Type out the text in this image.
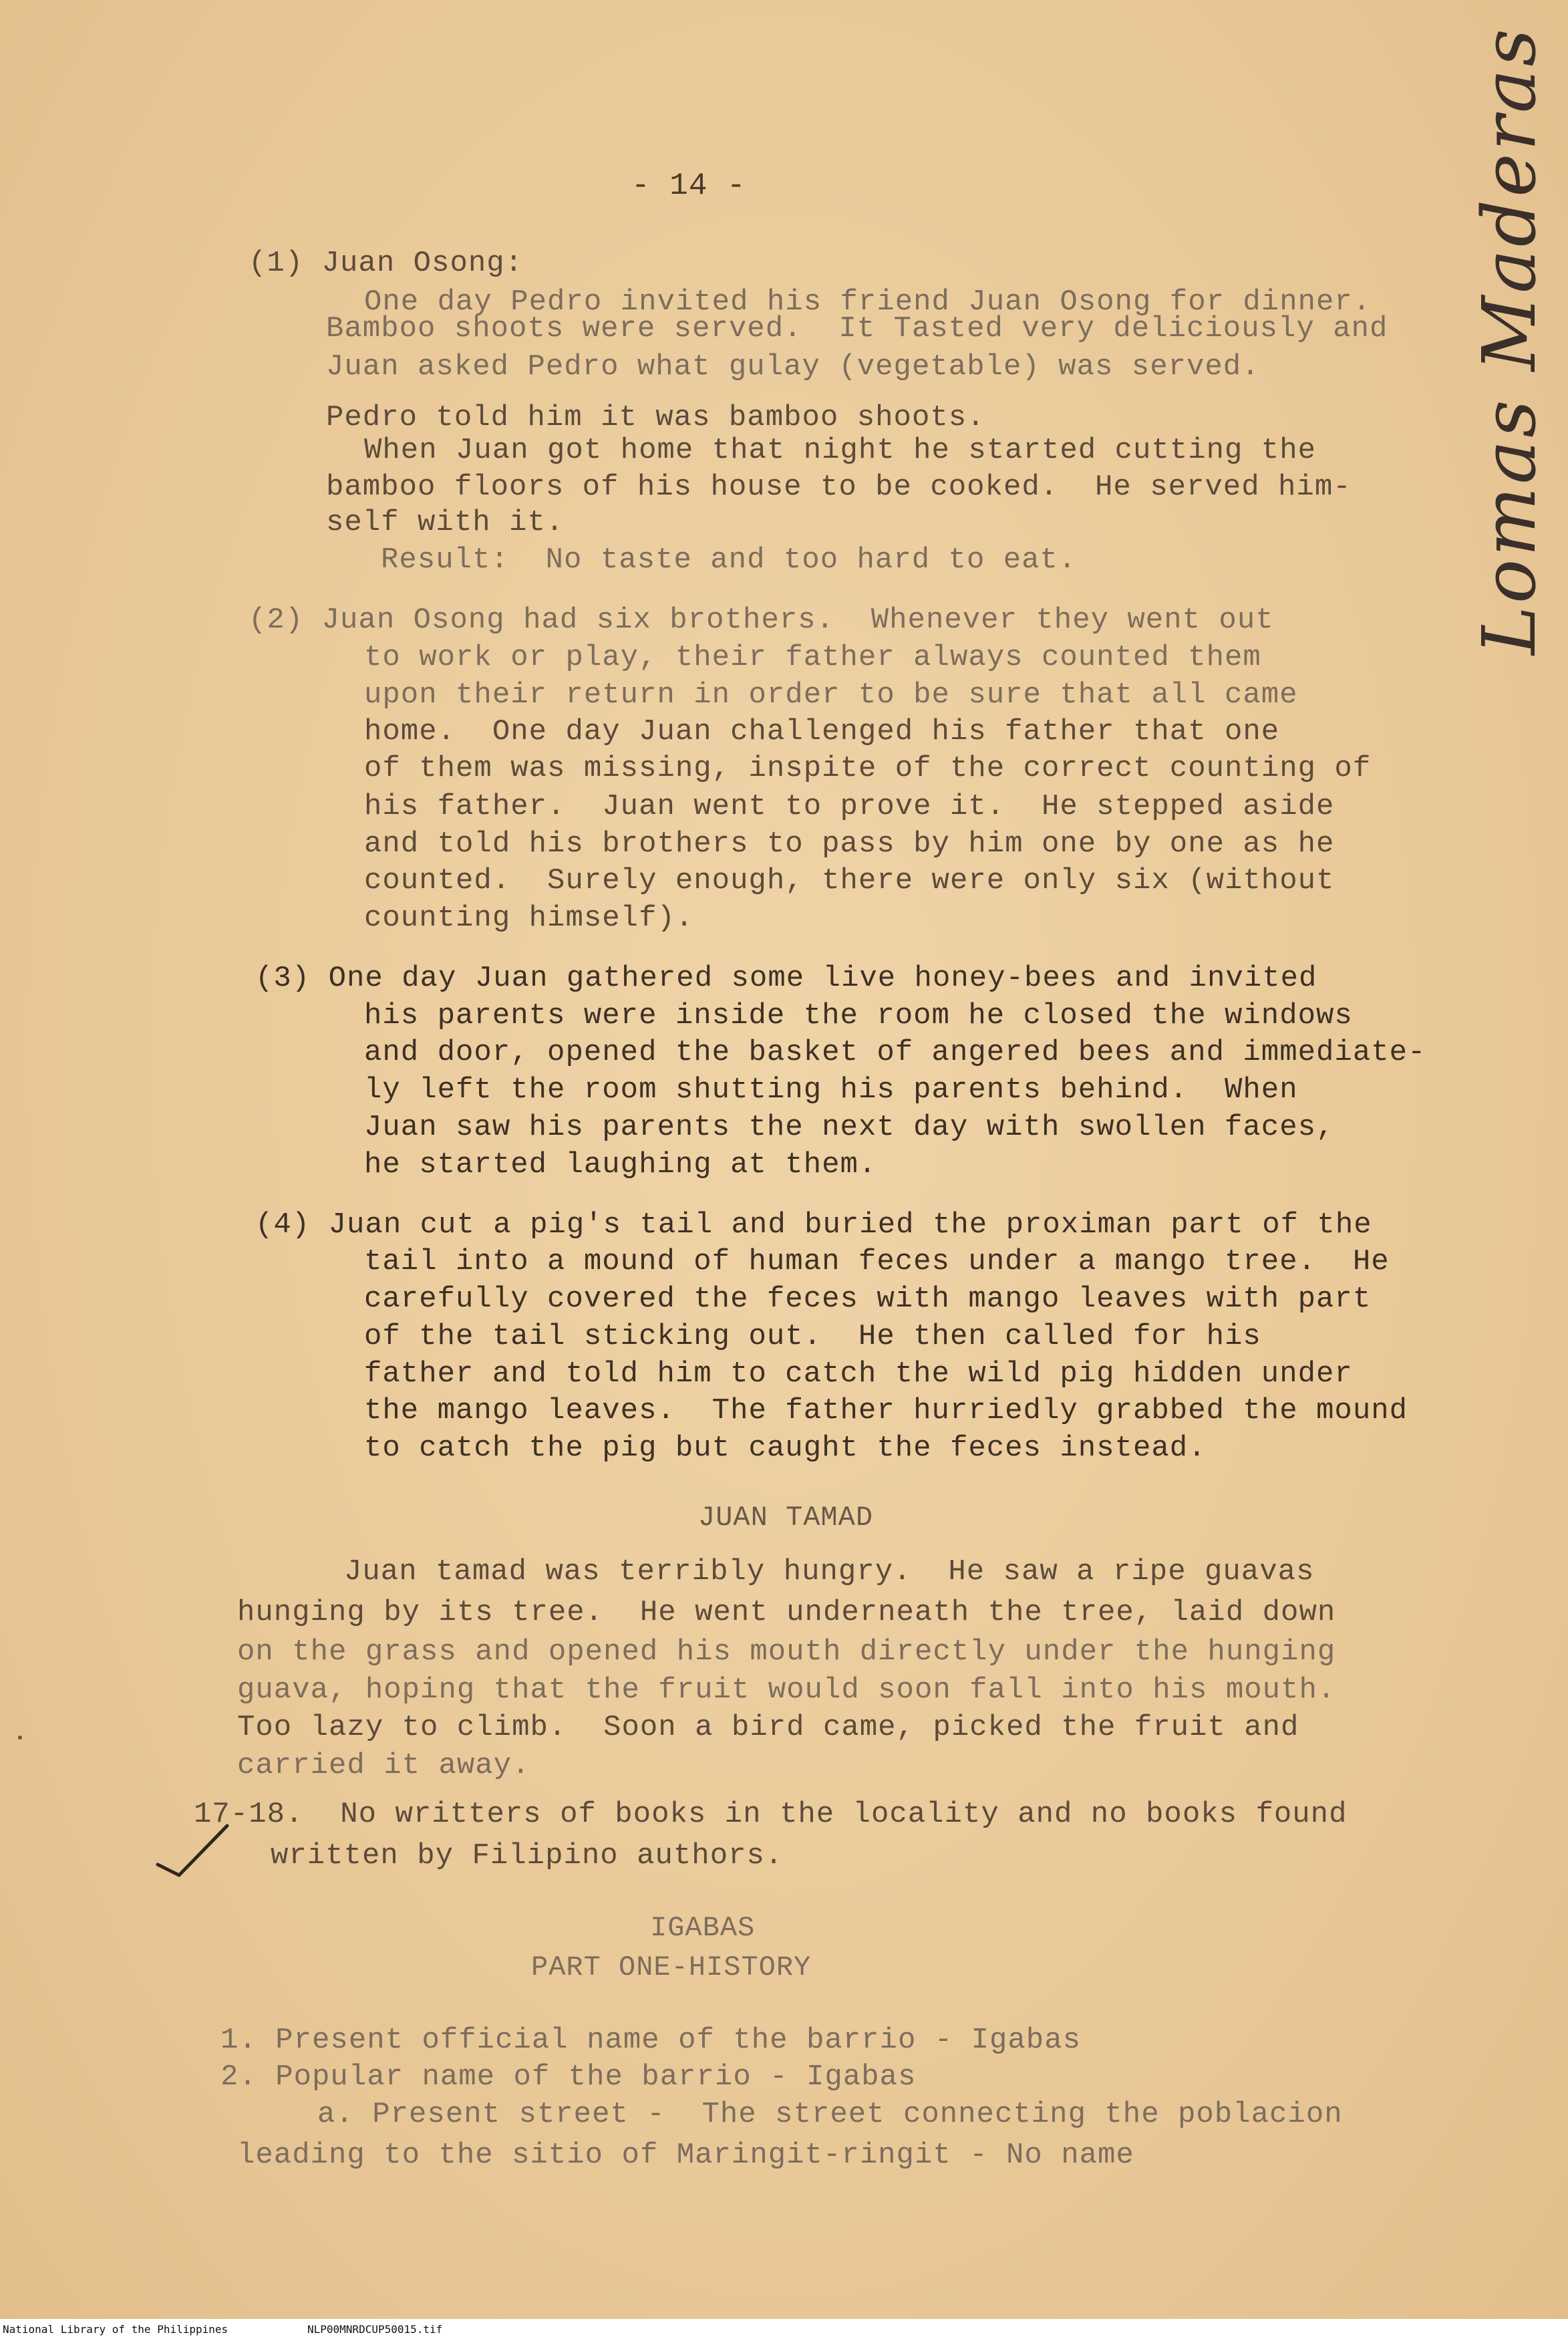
- 14 -
(1) Juan Osong:
One day Pedro invited his friend Juan Osong for dinner.
Bamboo shoots were served.  It Tasted very deliciously and
Juan asked Pedro what gulay (vegetable) was served.
Pedro told him it was bamboo shoots.
When Juan got home that night he started cutting the
bamboo floors of his house to be cooked.  He served him-
self with it.
Result:  No taste and too hard to eat.
(2) Juan Osong had six brothers.  Whenever they went out
to work or play, their father always counted them
upon their return in order to be sure that all came
home.  One day Juan challenged his father that one
of them was missing, inspite of the correct counting of
his father.  Juan went to prove it.  He stepped aside
and told his brothers to pass by him one by one as he
counted.  Surely enough, there were only six (without
counting himself).
(3) One day Juan gathered some live honey-bees and invited
his parents were inside the room he closed the windows
and door, opened the basket of angered bees and immediate-
ly left the room shutting his parents behind.  When
Juan saw his parents the next day with swollen faces,
he started laughing at them.
(4) Juan cut a pig's tail and buried the proximan part of the
tail into a mound of human feces under a mango tree.  He
carefully covered the feces with mango leaves with part
of the tail sticking out.  He then called for his
father and told him to catch the wild pig hidden under
the mango leaves.  The father hurriedly grabbed the mound
to catch the pig but caught the feces instead.
JUAN TAMAD
Juan tamad was terribly hungry.  He saw a ripe guavas
hunging by its tree.  He went underneath the tree, laid down
on the grass and opened his mouth directly under the hunging
guava, hoping that the fruit would soon fall into his mouth.
Too lazy to climb.  Soon a bird came, picked the fruit and
carried it away.
17-18.  No writters of books in the locality and no books found
written by Filipino authors.
IGABAS
PART ONE-HISTORY
1. Present official name of the barrio - Igabas
2. Popular name of the barrio - Igabas
a. Present street -  The street connecting the poblacion
leading to the sitio of Maringit-ringit - No name
Lomas Maderas
National Library of the Philippines	NLP00MNRDCUP50015.tif
